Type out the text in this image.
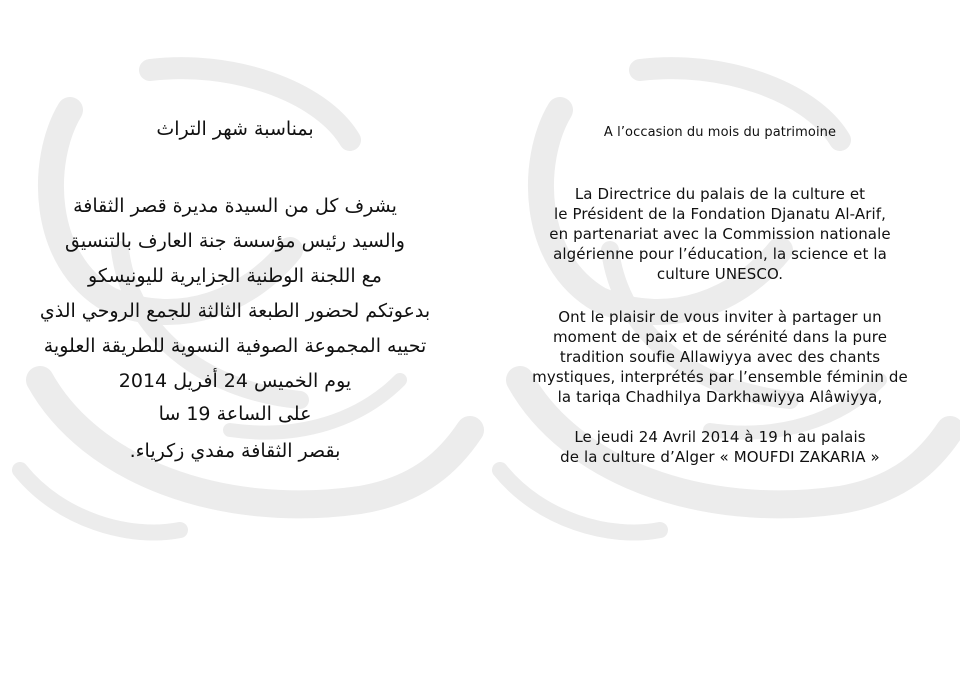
بمناسبة شهر التراث
يشرف كل من السيدة مديرة قصر الثقافة
والسيد رئيس مؤسسة جنة العارف بالتنسيق
مع اللجنة الوطنية الجزايرية لليونيسكو
بدعوتكم لحضور الطبعة الثالثة للجمع الروحي الذي
تحييه المجموعة الصوفية النسوية للطريقة العلوية
يوم الخميس 24 أفريل 2014
على الساعة 19 سا
بقصر الثقافة مفدي زكرياء.
A l’occasion du mois du patrimoine
La Directrice du palais de la culture et
le Président de la Fondation Djanatu Al-Arif,
en partenariat avec la Commission nationale
algérienne pour l’éducation, la science et la
culture UNESCO.
Ont le plaisir de vous inviter à partager un
moment de paix et de sérénité dans la pure
tradition soufie Allawiyya avec des chants
mystiques, interprétés par l’ensemble féminin de
la tariqa Chadhilya Darkhawiyya Alâwiyya,
Le jeudi 24 Avril 2014 à 19 h au palais
de la culture d’Alger « MOUFDI ZAKARIA »
